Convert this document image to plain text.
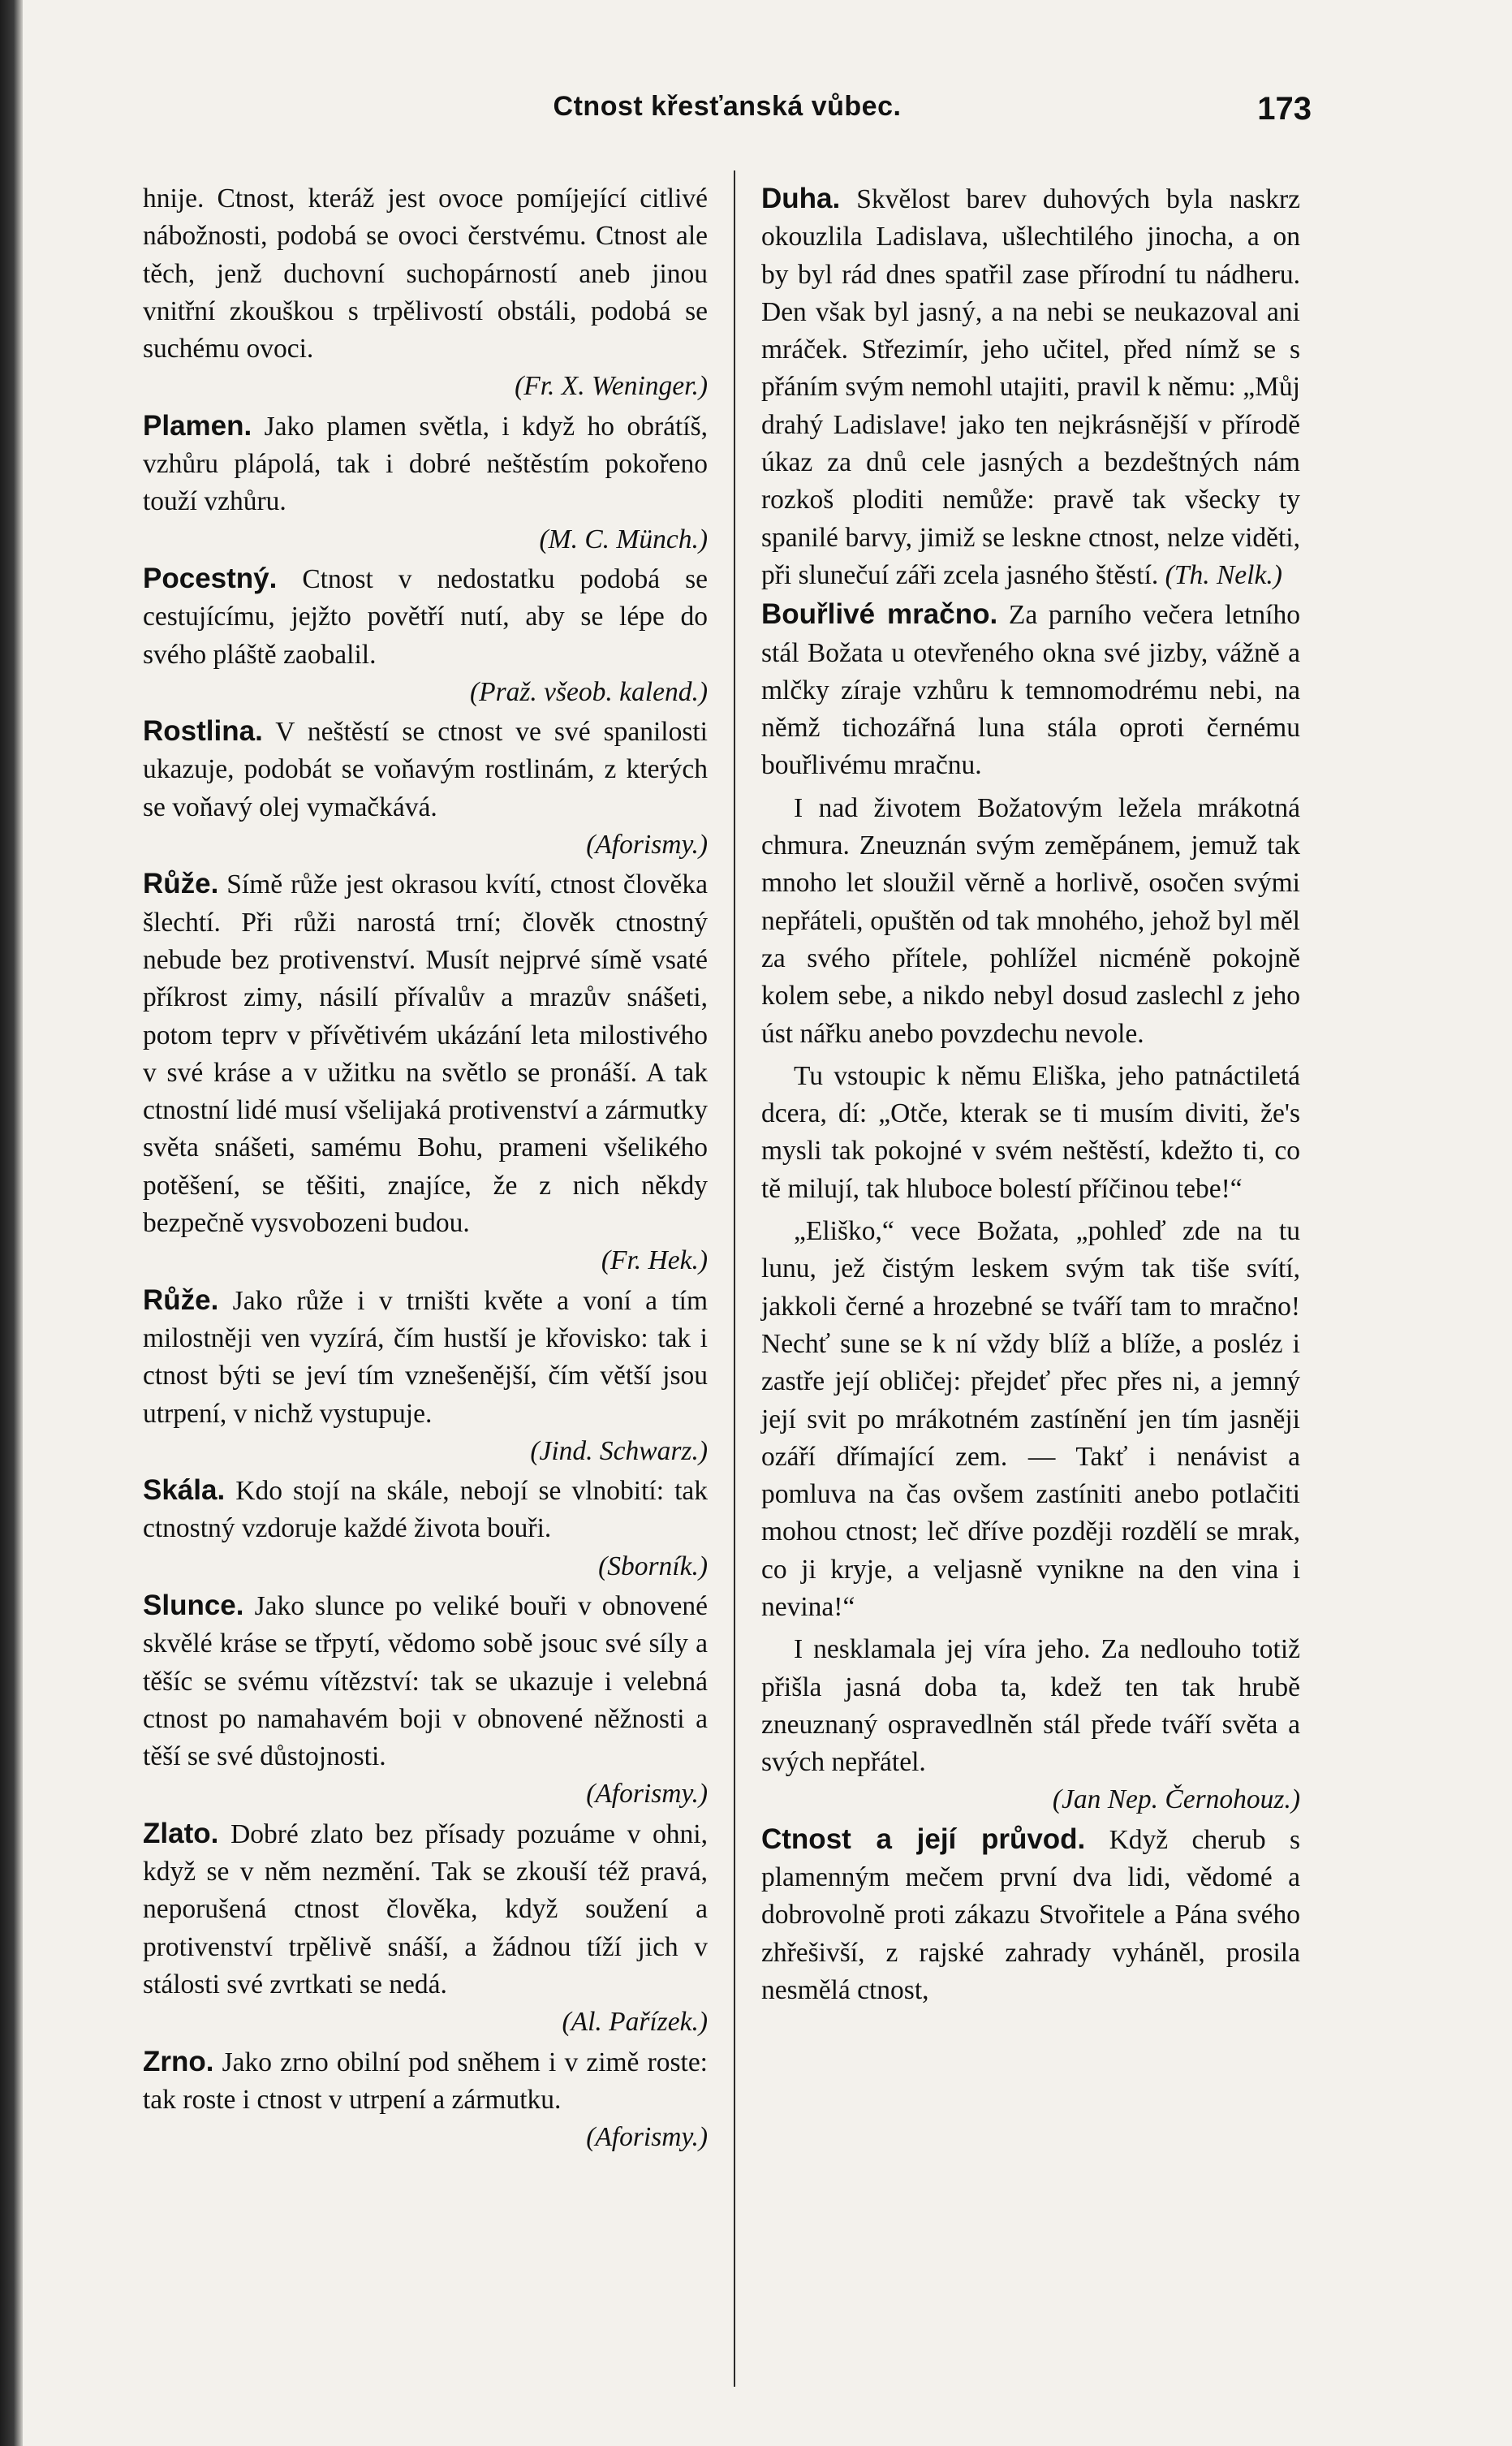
Ctnost křesťanská vůbec.	173

hnije. Ctnost, kteráž jest ovoce pomíjející citlivé nábožnosti, podobá se ovoci čerstvému. Ctnost ale těch, jenž duchovní suchopárností aneb jinou vnitřní zkouškou s trpělivostí obstáli, podobá se suchému ovoci.
(Fr. X. Weninger.)

Plamen. Jako plamen světla, i když ho obrátíš, vzhůru plápolá, tak i dobré neštěstím pokořeno touží vzhůru.
(M. C. Münch.)

Pocestný. Ctnost v nedostatku podobá se cestujícímu, jejžto povětří nutí, aby se lépe do svého pláště zaobalil.
(Praž. všeob. kalend.)

Rostlina. V neštěstí se ctnost ve své spanilosti ukazuje, podobát se voňavým rostlinám, z kterých se voňavý olej vymačkává.
(Aforismy.)

Růže. Símě růže jest okrasou kvítí, ctnost člověka šlechtí. Při růži narostá trní; člověk ctnostný nebude bez protivenství. Musít nejprvé símě vsaté příkrost zimy, násilí přívalův a mrazův snášeti, potom teprv v přívětivém ukázání leta milostivého v své kráse a v užitku na světlo se pronáší. A tak ctnostní lidé musí všelijaká protivenství a zármutky světa snášeti, samému Bohu, prameni všelikého potěšení, se těšiti, znajíce, že z nich někdy bezpečně vysvobozeni budou.
(Fr. Hek.)

Růže. Jako růže i v trništi květe a voní a tím milostněji ven vyzírá, čím hustší je křovisko: tak i ctnost býti se jeví tím vznešenější, čím větší jsou utrpení, v nichž vystupuje.
(Jind. Schwarz.)

Skála. Kdo stojí na skále, nebojí se vlnobití: tak ctnostný vzdoruje každé života bouři.
(Sborník.)

Slunce. Jako slunce po veliké bouři v obnovené skvělé kráse se třpytí, vědomo sobě jsouc své síly a těšíc se svému vítězství: tak se ukazuje i velebná ctnost po namahavém boji v obnovené něžnosti a těší se své důstojnosti.
(Aforismy.)

Zlato. Dobré zlato bez přísady pozuáme v ohni, když se v něm nezmění. Tak se zkouší též pravá, neporušená ctnost člověka, když soužení a protivenství trpělivě snáší, a žádnou tíží jich v stálosti své zvrtkati se nedá.
(Al. Pařízek.)

Zrno. Jako zrno obilní pod sněhem i v zimě roste: tak roste i ctnost v utrpení a zármutku.
(Aforismy.)

Duha. Skvělost barev duhových byla naskrz okouzlila Ladislava, ušlechtilého jinocha, a on by byl rád dnes spatřil zase přírodní tu nádheru. Den však byl jasný, a na nebi se neukazoval ani mráček. Střezimír, jeho učitel, před nímž se s přáním svým nemohl utajiti, pravil k němu: „Můj drahý Ladislave! jako ten nejkrásnější v přírodě úkaz za dnů cele jasných a bezdeštných nám rozkoš ploditi nemůže: pravě tak všecky ty spanilé barvy, jimiž se leskne ctnost, nelze viděti, při slunečuí záři zcela jasného štěstí. (Th. Nelk.)

Bouřlivé mračno. Za parního večera letního stál Božata u otevřeného okna své jizby, vážně a mlčky zíraje vzhůru k temnomodrému nebi, na němž tichozářná luna stála oproti černému bouřlivému mračnu.

I nad životem Božatovým ležela mrákotná chmura. Zneuznán svým zeměpánem, jemuž tak mnoho let sloužil věrně a horlivě, osočen svými nepřáteli, opuštěn od tak mnohého, jehož byl měl za svého přítele, pohlížel nicméně pokojně kolem sebe, a nikdo nebyl dosud zaslechl z jeho úst nářku anebo povzdechu nevole.

Tu vstoupic k němu Eliška, jeho patnáctiletá dcera, dí: „Otče, kterak se ti musím diviti, že's mysli tak pokojné v svém neštěstí, kdežto ti, co tě milují, tak hluboce bolestí příčinou tebe!“

„Eliško,“ vece Božata, „pohleď zde na tu lunu, jež čistým leskem svým tak tiše svítí, jakkoli černé a hrozebné se tváří tam to mračno! Nechť sune se k ní vždy blíž a blíže, a posléz i zastře její obličej: přejdeť přec přes ni, a jemný její svit po mrákotném zastínění jen tím jasněji ozáří dřímající zem. — Takť i nenávist a pomluva na čas ovšem zastíniti anebo potlačiti mohou ctnost; leč dříve později rozdělí se mrak, co ji kryje, a veljasně vynikne na den vina i nevina!“

I nesklamala jej víra jeho. Za nedlouho totiž přišla jasná doba ta, kdež ten tak hrubě zneuznaný ospravedlněn stál přede tváří světa a svých nepřátel.

(Jan Nep. Černohouz.)

Ctnost a její průvod. Když cherub s plamenným mečem první dva lidi, vědomé a dobrovolně proti zákazu Stvořitele a Pána svého zhřešivší, z rajské zahrady vyháněl, prosila nesmělá ctnost,
